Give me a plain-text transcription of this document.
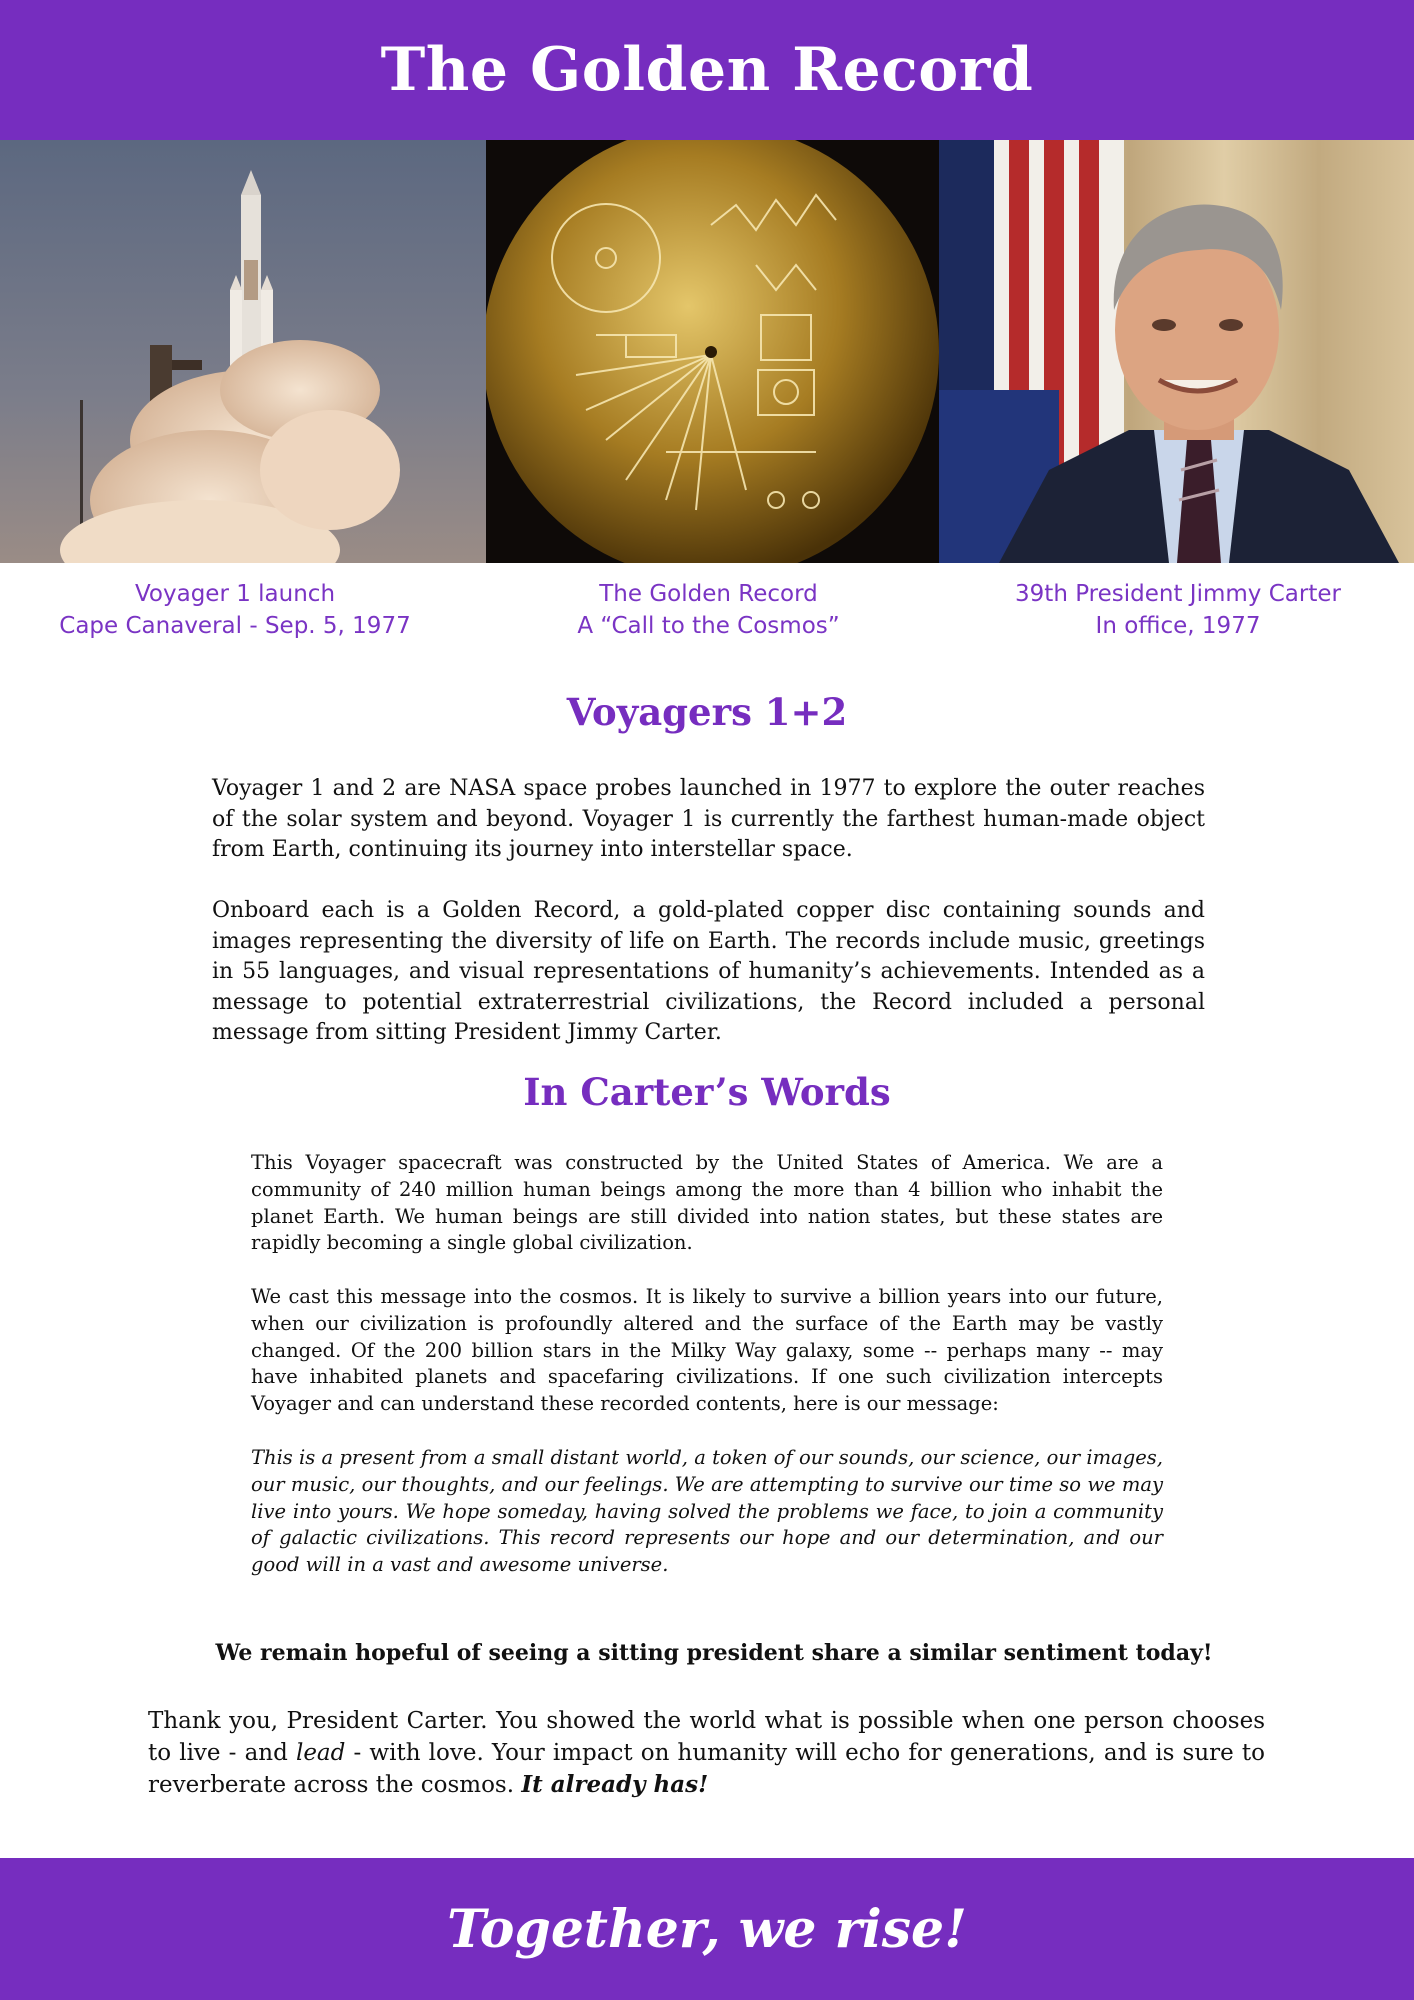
The Golden Record
Voyager 1 launch
Cape Canaveral - Sep. 5, 1977
The Golden Record
A “Call to the Cosmos”
39th President Jimmy Carter
In office, 1977
Voyagers 1+2

Voyager 1 and 2 are NASA space probes launched in 1977 to explore the outer reaches of the solar system and beyond. Voyager 1 is currently the farthest human-made object from Earth, continuing its journey into interstellar space.

Onboard each is a Golden Record, a gold-plated copper disc containing sounds and images representing the diversity of life on Earth. The records include music, greetings in 55 languages, and visual representations of humanity’s achievements. Intended as a message to potential extraterrestrial civilizations, the Record included a personal message from sitting President Jimmy Carter.

In Carter’s Words

This Voyager spacecraft was constructed by the United States of America. We are a community of 240 million human beings among the more than 4 billion who inhabit the planet Earth. We human beings are still divided into nation states, but these states are rapidly becoming a single global civilization.

We cast this message into the cosmos. It is likely to survive a billion years into our future, when our civilization is profoundly altered and the surface of the Earth may be vastly changed. Of the 200 billion stars in the Milky Way galaxy, some -- perhaps many -- may have inhabited planets and spacefaring civilizations. If one such civilization intercepts Voyager and can understand these recorded contents, here is our message:

This is a present from a small distant world, a token of our sounds, our science, our images, our music, our thoughts, and our feelings. We are attempting to survive our time so we may live into yours. We hope someday, having solved the problems we face, to join a community of galactic civilizations. This record represents our hope and our determination, and our good will in a vast and awesome universe.

We remain hopeful of seeing a sitting president share a similar sentiment today!

Thank you, President Carter. You showed the world what is possible when one person chooses to live - and lead - with love. Your impact on humanity will echo for generations, and is sure to reverberate across the cosmos. It already has!

Together, we rise!
